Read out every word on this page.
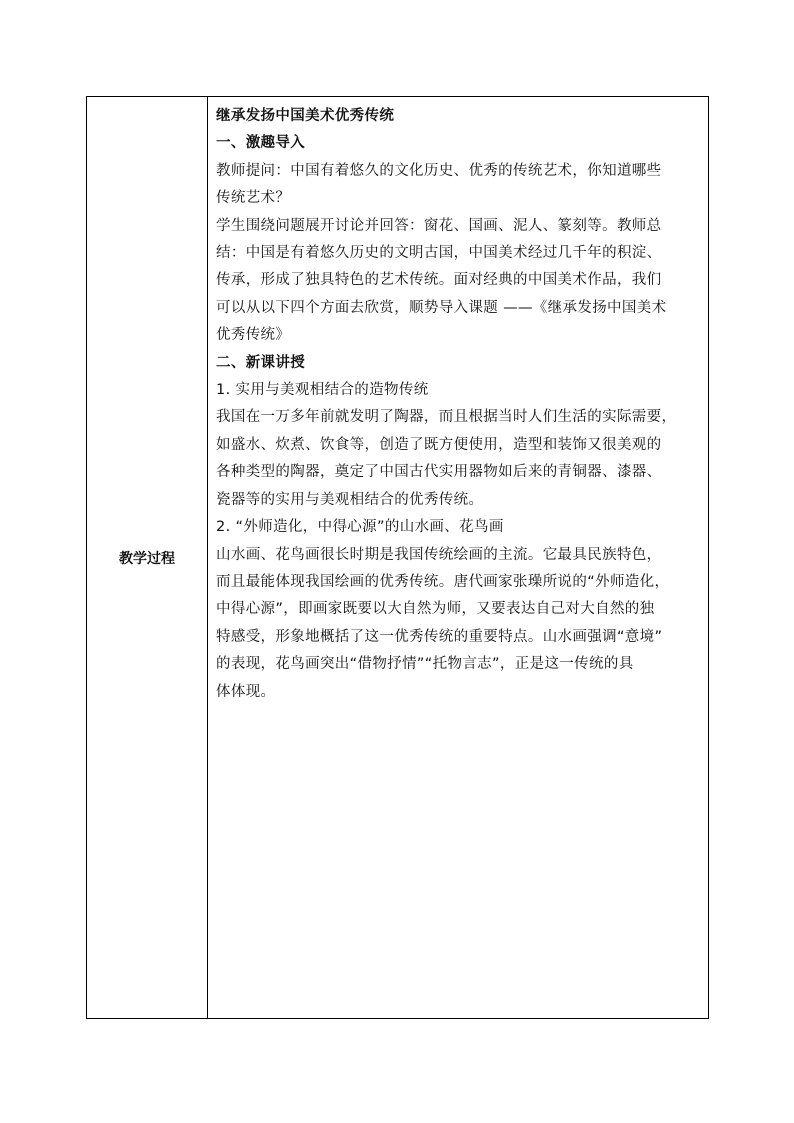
教学过程
继承发扬中国美术优秀传统
一、激趣导入
教师提问：中国有着悠久的文化历史、优秀的传统艺术，你知道哪些
传统艺术？
学生围绕问题展开讨论并回答：窗花、国画、泥人、篆刻等。教师总
结：中国是有着悠久历史的文明古国，中国美术经过几千年的积淀、
传承，形成了独具特色的艺术传统。面对经典的中国美术作品，我们
可以从以下四个方面去欣赏，顺势导入课题 ——《继承发扬中国美术
优秀传统》
二、新课讲授
1. 实用与美观相结合的造物传统
我国在一万多年前就发明了陶器，而且根据当时人们生活的实际需要，
如盛水、炊煮、饮食等，创造了既方便使用，造型和装饰又很美观的
各种类型的陶器，奠定了中国古代实用器物如后来的青铜器、漆器、
瓷器等的实用与美观相结合的优秀传统。
2. “外师造化，中得心源”的山水画、花鸟画
山水画、花鸟画很长时期是我国传统绘画的主流。它最具民族特色，
而且最能体现我国绘画的优秀传统。唐代画家张璪所说的“外师造化，
中得心源”，即画家既要以大自然为师，又要表达自己对大自然的独
特感受，形象地概括了这一优秀传统的重要特点。山水画强调“意境”
的表现，花鸟画突出“借物抒情”“托物言志”，正是这一传统的具
体体现。
